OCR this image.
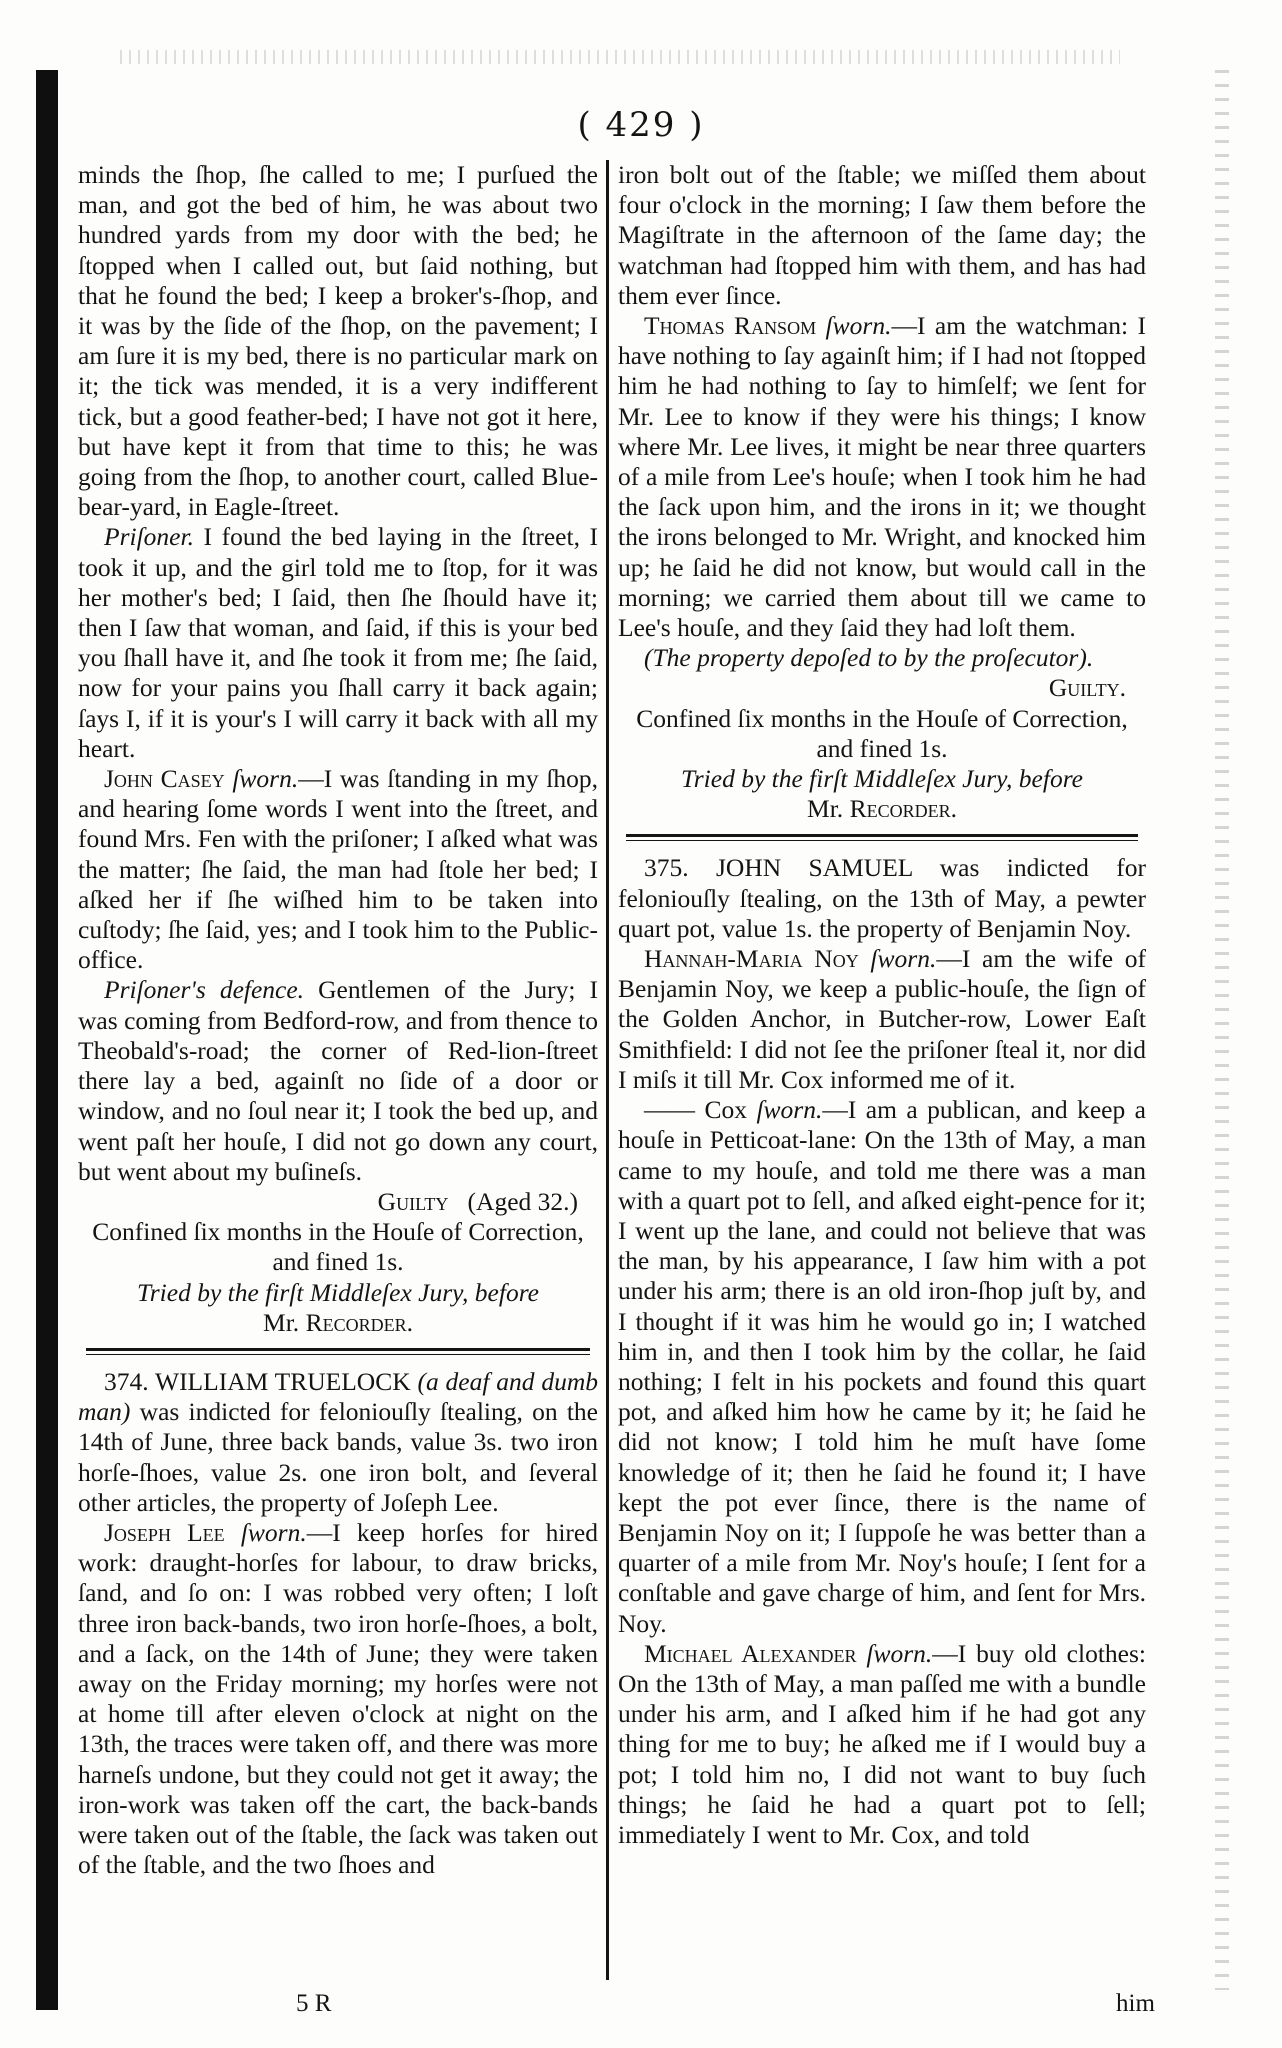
( 429 )

minds the ſhop, ſhe called to me; I purſued the man, and got the bed of him, he was about two hundred yards from my door with the bed; he ſtopped when I called out, but ſaid nothing, but that he found the bed; I keep a broker's-ſhop, and it was by the ſide of the ſhop, on the pavement; I am ſure it is my bed, there is no particular mark on it; the tick was mended, it is a very indifferent tick, but a good feather-bed; I have not got it here, but have kept it from that time to this; he was going from the ſhop, to another court, called Blue-bear-yard, in Eagle-ſtreet.

Priſoner. I found the bed laying in the ſtreet, I took it up, and the girl told me to ſtop, for it was her mother's bed; I ſaid, then ſhe ſhould have it; then I ſaw that woman, and ſaid, if this is your bed you ſhall have it, and ſhe took it from me; ſhe ſaid, now for your pains you ſhall carry it back again; ſays I, if it is your's I will carry it back with all my heart.

John Casey ſworn.—I was ſtanding in my ſhop, and hearing ſome words I went into the ſtreet, and found Mrs. Fen with the priſoner; I aſked what was the matter; ſhe ſaid, the man had ſtole her bed; I aſked her if ſhe wiſhed him to be taken into cuſtody; ſhe ſaid, yes; and I took him to the Public-office.

Priſoner's defence. Gentlemen of the Jury; I was coming from Bedford-row, and from thence to Theobald's-road; the corner of Red-lion-ſtreet there lay a bed, againſt no ſide of a door or window, and no ſoul near it; I took the bed up, and went paſt her houſe, I did not go down any court, but went about my buſineſs.

Guilty (Aged 32.)

Confined ſix months in the Houſe of Correction, and fined 1s.

Tried by the firſt Middleſex Jury, before
Mr. Recorder.

374. WILLIAM TRUELOCK (a deaf and dumb man) was indicted for feloniouſly ſtealing, on the 14th of June, three back bands, value 3s. two iron horſe-ſhoes, value 2s. one iron bolt, and ſeveral other articles, the property of Joſeph Lee.

Joseph Lee ſworn.—I keep horſes for hired work: draught-horſes for labour, to draw bricks, ſand, and ſo on: I was robbed very often; I loſt three iron back-bands, two iron horſe-ſhoes, a bolt, and a ſack, on the 14th of June; they were taken away on the Friday morning; my horſes were not at home till after eleven o'clock at night on the 13th, the traces were taken off, and there was more harneſs undone, but they could not get it away; the iron-work was taken off the cart, the back-bands were taken out of the ſtable, the ſack was taken out of the ſtable, and the two ſhoes and

iron bolt out of the ſtable; we miſſed them about four o'clock in the morning; I ſaw them before the Magiſtrate in the afternoon of the ſame day; the watchman had ſtopped him with them, and has had them ever ſince.

Thomas Ransom ſworn.—I am the watchman: I have nothing to ſay againſt him; if I had not ſtopped him he had nothing to ſay to himſelf; we ſent for Mr. Lee to know if they were his things; I know where Mr. Lee lives, it might be near three quarters of a mile from Lee's houſe; when I took him he had the ſack upon him, and the irons in it; we thought the irons belonged to Mr. Wright, and knocked him up; he ſaid he did not know, but would call in the morning; we carried them about till we came to Lee's houſe, and they ſaid they had loſt them.

(The property depoſed to by the proſecutor).

Guilty.

Confined ſix months in the Houſe of Correction, and fined 1s.

Tried by the firſt Middleſex Jury, before
Mr. Recorder.

375. JOHN SAMUEL was indicted for feloniouſly ſtealing, on the 13th of May, a pewter quart pot, value 1s. the property of Benjamin Noy.

Hannah-Maria Noy ſworn.—I am the wife of Benjamin Noy, we keep a public-houſe, the ſign of the Golden Anchor, in Butcher-row, Lower Eaſt Smithfield: I did not ſee the priſoner ſteal it, nor did I miſs it till Mr. Cox informed me of it.

—— Cox ſworn.—I am a publican, and keep a houſe in Petticoat-lane: On the 13th of May, a man came to my houſe, and told me there was a man with a quart pot to ſell, and aſked eight-pence for it; I went up the lane, and could not believe that was the man, by his appearance, I ſaw him with a pot under his arm; there is an old iron-ſhop juſt by, and I thought if it was him he would go in; I watched him in, and then I took him by the collar, he ſaid nothing; I felt in his pockets and found this quart pot, and aſked him how he came by it; he ſaid he did not know; I told him he muſt have ſome knowledge of it; then he ſaid he found it; I have kept the pot ever ſince, there is the name of Benjamin Noy on it; I ſuppoſe he was better than a quarter of a mile from Mr. Noy's houſe; I ſent for a conſtable and gave charge of him, and ſent for Mrs. Noy.

Michael Alexander ſworn.—I buy old clothes: On the 13th of May, a man paſſed me with a bundle under his arm, and I aſked him if he had got any thing for me to buy; he aſked me if I would buy a pot; I told him no, I did not want to buy ſuch things; he ſaid he had a quart pot to ſell; immediately I went to Mr. Cox, and told

5 R	him
